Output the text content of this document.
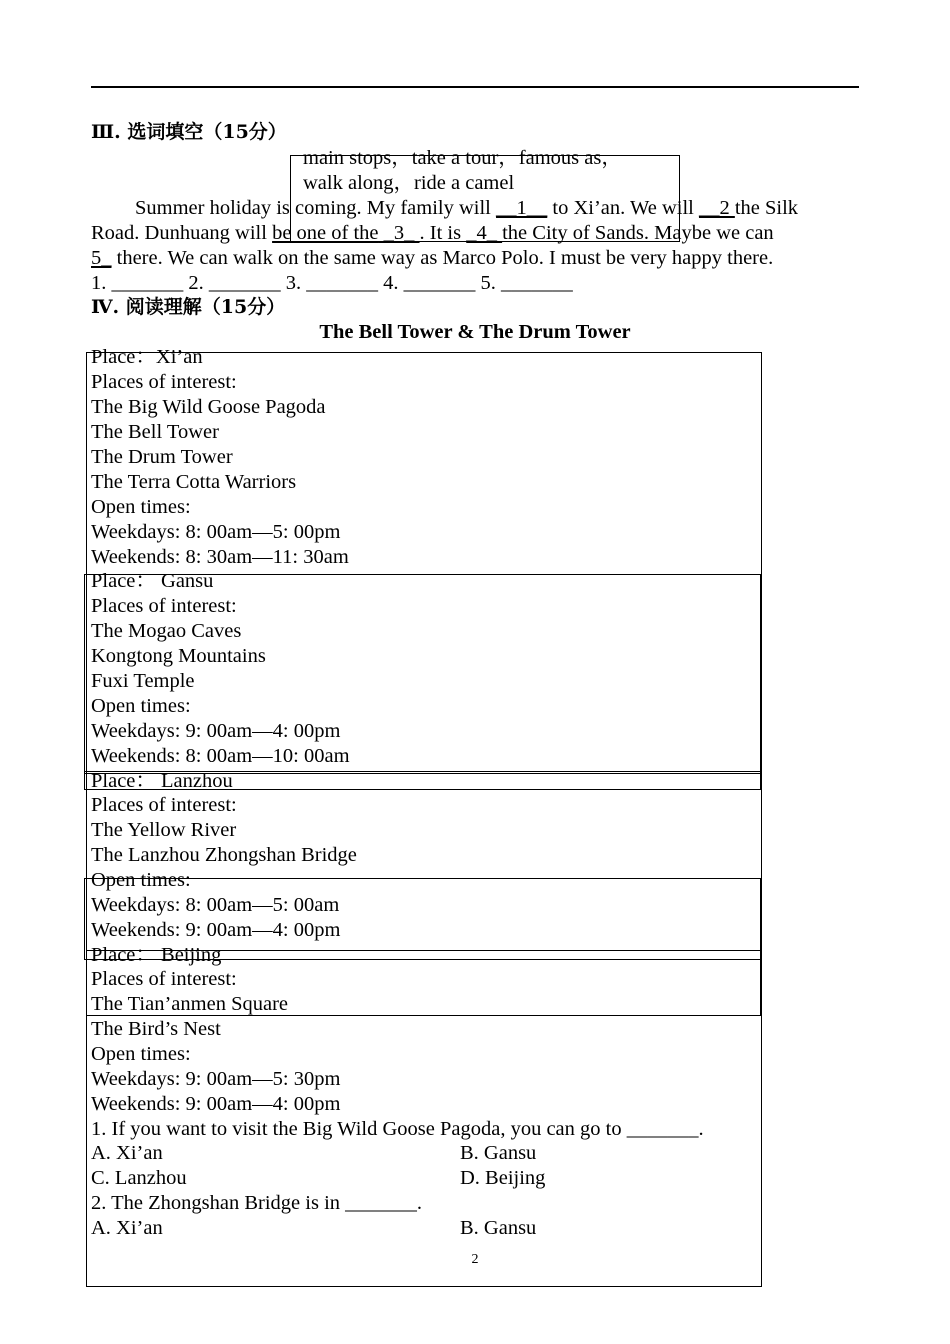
Ⅲ. 选词填空（15分）
main stops，take a tour，famous as，
walk along，ride a camel
Summer holiday is coming. My family will __1__ to Xi’an. We will __2 the Silk
Road. Dunhuang will be one of the _3_ . It is _4_ the City of Sands. Maybe we can
5_ there. We can walk on the same way as Marco Polo. I must be very happy there.
1. _______ 2. _______ 3. _______ 4. _______ 5. _______
Ⅳ. 阅读理解（15分）
The Bell Tower & The Drum Tower
Place：Xi’an
Places of interest:
The Big Wild Goose Pagoda
The Bell Tower
The Drum Tower
The Terra Cotta Warriors
Open times:
Weekdays: 8: 00am—5: 00pm
Weekends: 8: 30am—11: 30am
Place： Gansu
Places of interest:
The Mogao Caves
Kongtong Mountains
Fuxi Temple
Open times:
Weekdays: 9: 00am—4: 00pm
Weekends: 8: 00am—10: 00am
Place： Lanzhou
Places of interest:
The Yellow River
The Lanzhou Zhongshan Bridge
Open times:
Weekdays: 8: 00am—5: 00am
Weekends: 9: 00am—4: 00pm
Place： Beijing
Places of interest:
The Tian’anmen Square
The Bird’s Nest
Open times:
Weekdays: 9: 00am—5: 30pm
Weekends: 9: 00am—4: 00pm
1. If you want to visit the Big Wild Goose Pagoda, you can go to _______.
A. Xi’an	B. Gansu
C. Lanzhou	D. Beijing
2. The Zhongshan Bridge is in _______.
A. Xi’an	B. Gansu
2
